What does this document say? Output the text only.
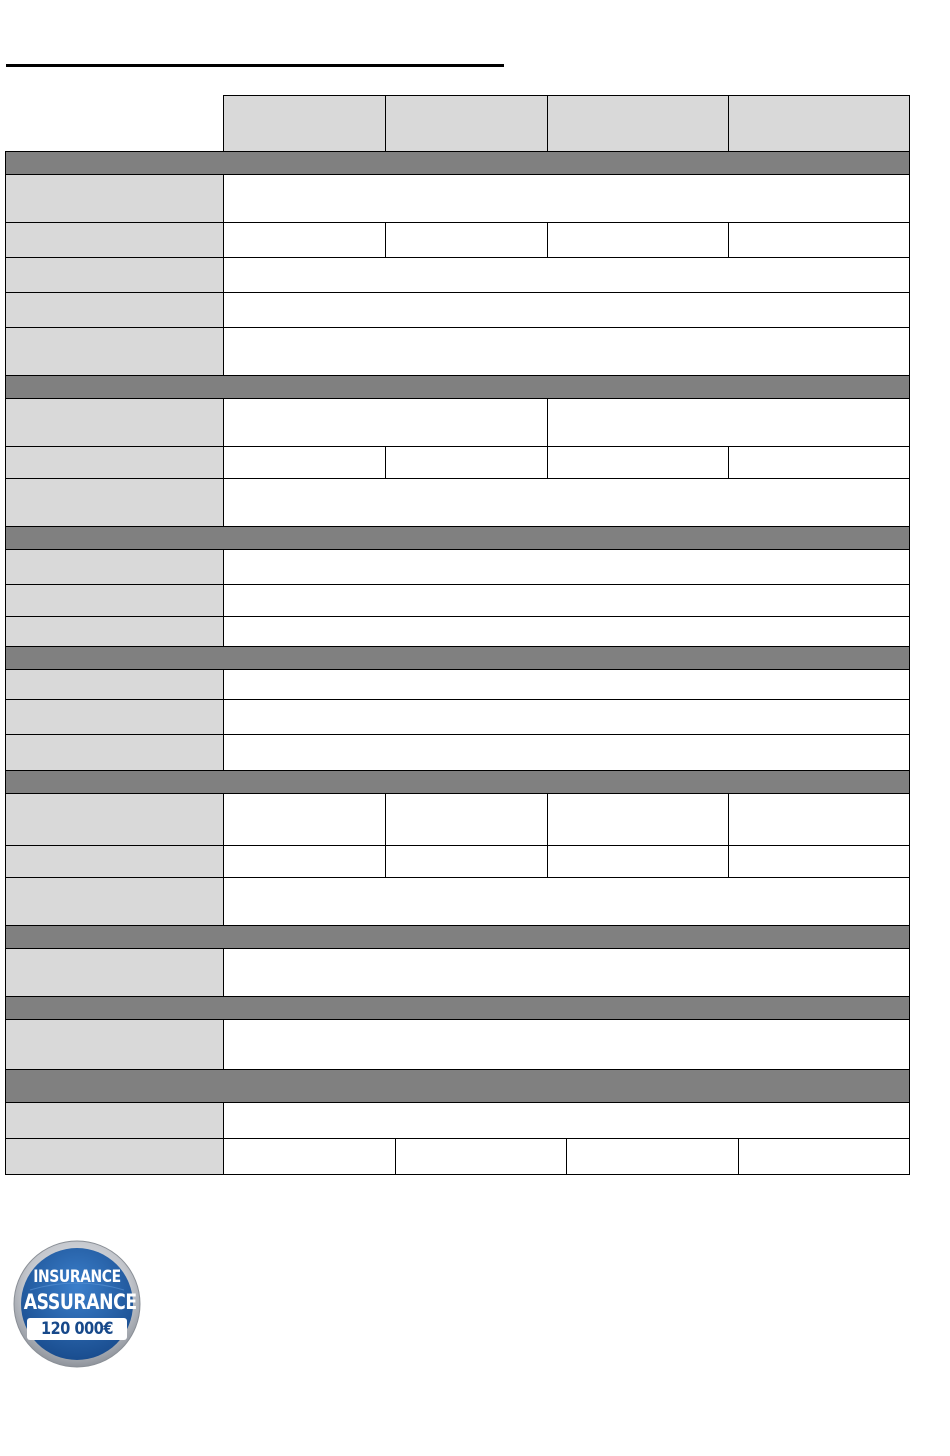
INSURANCE
ASSURANCE
120 000€
